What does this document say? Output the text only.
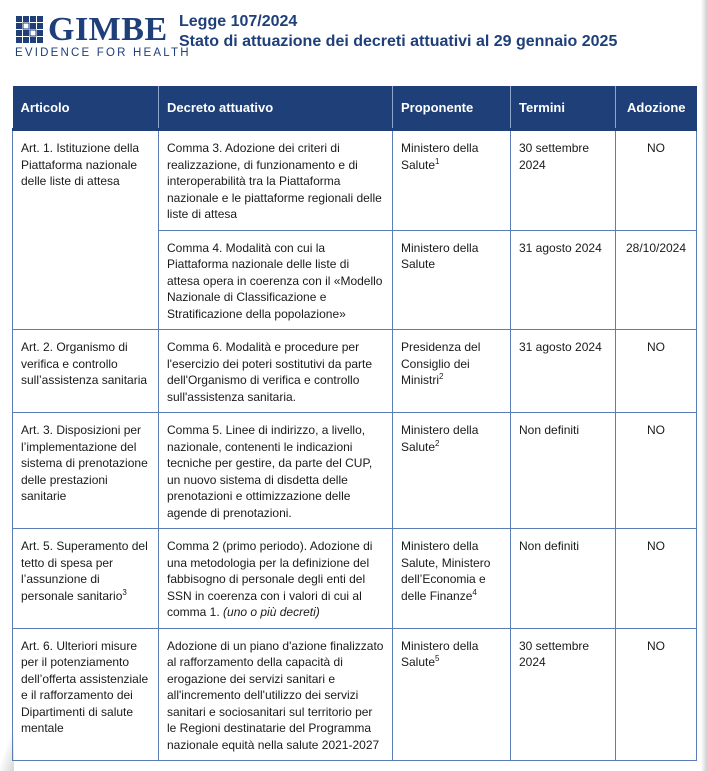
GIMBE
EVIDENCE FOR HEALTH
Legge 107/2024
Stato di attuazione dei decreti attuativi al 29 gennaio 2025
Articolo	Decreto attuativo	Proponente	Termini	Adozione
Art. 1. Istituzione della Piattaforma nazionale delle liste di attesa	Comma 3. Adozione dei criteri di realizzazione, di funzionamento e di interoperabilità tra la Piattaforma nazionale e le piattaforme regionali delle liste di attesa	Ministero della Salute$^1$	30 settembre 2024	NO
	Comma 4. Modalità con cui la Piattaforma nazionale delle liste di attesa opera in coerenza con il «Modello Nazionale di Classificazione e Stratificazione della popolazione»	Ministero della Salute	31 agosto 2024	28/10/2024
Art. 2. Organismo di verifica e controllo sull’assistenza sanitaria	Comma 6. Modalità e procedure per l'esercizio dei poteri sostitutivi da parte dell'Organismo di verifica e controllo sull'assistenza sanitaria.	Presidenza del Consiglio dei Ministri$^2$	31 agosto 2024	NO
Art. 3. Disposizioni per l’implementazione del sistema di prenotazione delle prestazioni sanitarie	Comma 5. Linee di indirizzo, a livello, nazionale, contenenti le indicazioni tecniche per gestire, da parte del CUP, un nuovo sistema di disdetta delle prenotazioni e ottimizzazione delle agende di prenotazioni.	Ministero della Salute$^2$	Non definiti	NO
Art. 5. Superamento del tetto di spesa per l’assunzione di personale sanitario$^3$	Comma 2 (primo periodo). Adozione di una metodologia per la definizione del fabbisogno di personale degli enti del SSN in coerenza con i valori di cui al comma 1. (uno o più decreti)	Ministero della Salute, Ministero dell’Economia e delle Finanze$^4$	Non definiti	NO
Art. 6. Ulteriori misure per il potenziamento dell’offerta assistenziale e il rafforzamento dei Dipartimenti di salute mentale	Adozione di un piano d'azione finalizzato al rafforzamento della capacità di erogazione dei servizi sanitari e all'incremento dell'utilizzo dei servizi sanitari e sociosanitari sul territorio per le Regioni destinatarie del Programma nazionale equità nella salute 2021-2027	Ministero della Salute$^5$	30 settembre 2024	NO
